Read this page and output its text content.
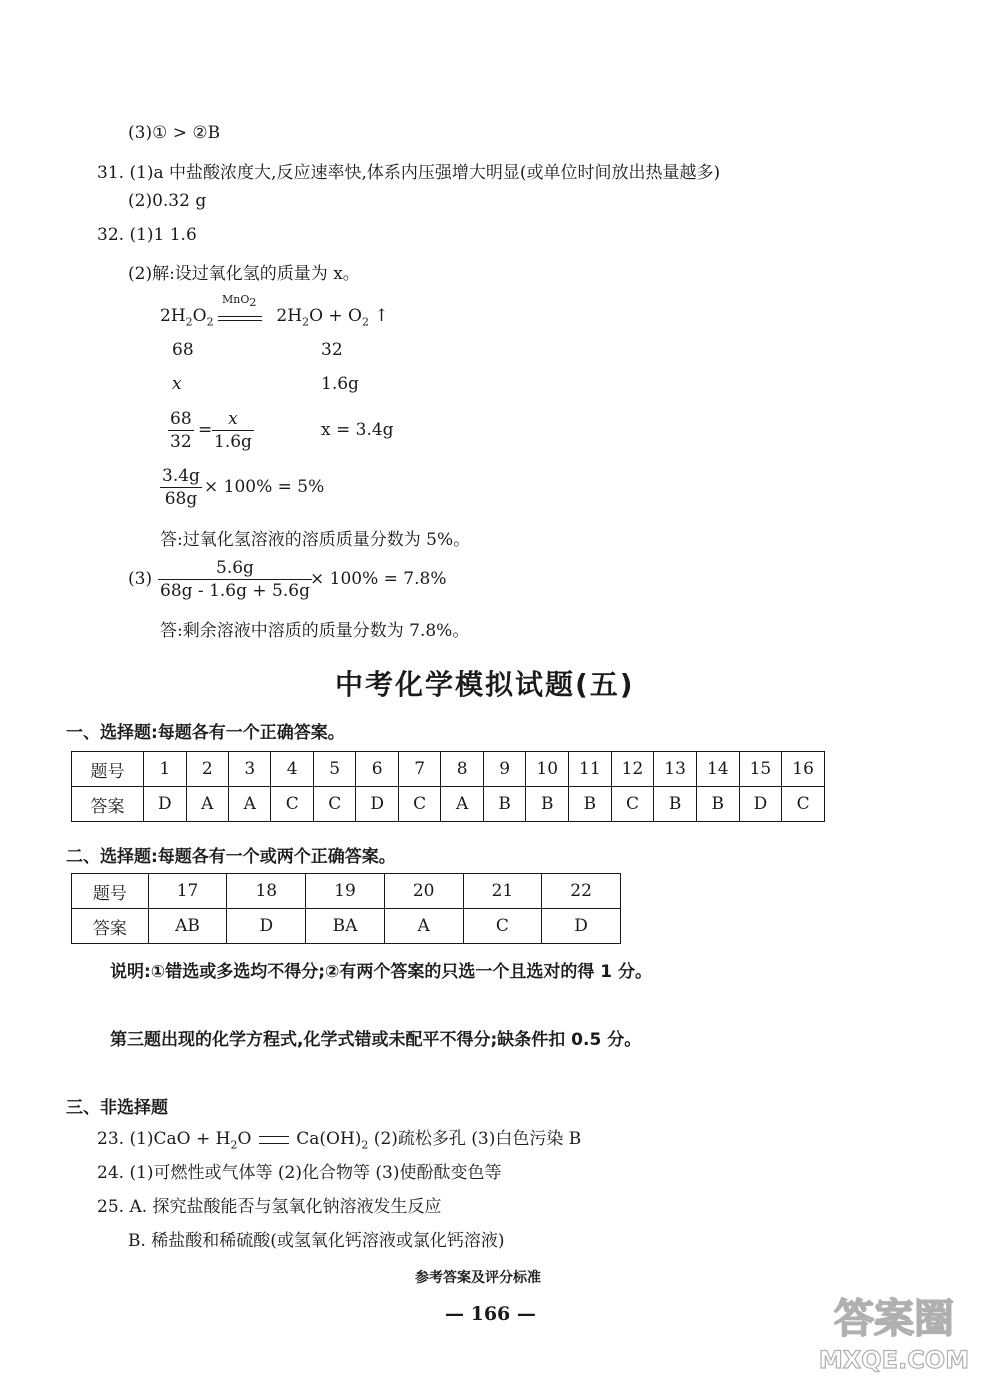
(3)① > ②B
31. (1)a 中盐酸浓度大,反应速率快,体系内压强增大明显(或单位时间放出热量越多)
(2)0.32 g
32. (1)1 1.6
(2)解:设过氧化氢的质量为 x。
$2H_2O_2$	$2H_2O + O_2$ ↑
MnO$_2$
68	32
x	1.6g
$\frac{68}{32} = \frac{x}{1.6g}$	x = 3.4g
$\frac{3.4g}{68g} \times 100\% = 5\%$
答:过氧化氢溶液的溶质质量分数为 5%。
$(3) \frac{5.6g}{68g - 1.6g + 5.6g}$
× 100% = 7.8%
答:剩余溶液中溶质的质量分数为 7.8%。
中考化学模拟试题(五)
一、选择题:每题各有一个正确答案。
题号	1	2	3	4	5	6	7	8	9	10	11	12	13	14	15	16
答案	D	A	A	C	C	D	C	A	B	B	B	C	B	B	D	C
二、选择题:每题各有一个或两个正确答案。
题号	17	18	19	20	21	22
答案	AB	D	BA	A	C	D
说明:①错选或多选均不得分;②有两个答案的只选一个且选对的得 1 分。
第三题出现的化学方程式,化学式错或未配平不得分;缺条件扣 0.5 分。
三、非选择题
23. $(1)CaO + H_2O$	$Ca(OH)_2$ (2)疏松多孔 (3)白色污染 B
24. (1)可燃性或气体等 (2)化合物等 (3)使酚酞变色等
25. A. 探究盐酸能否与氢氧化钠溶液发生反应
B. 稀盐酸和稀硫酸(或氢氧化钙溶液或氯化钙溶液)
参考答案及评分标准
— 166 —	答案圈
MXQE.COM
